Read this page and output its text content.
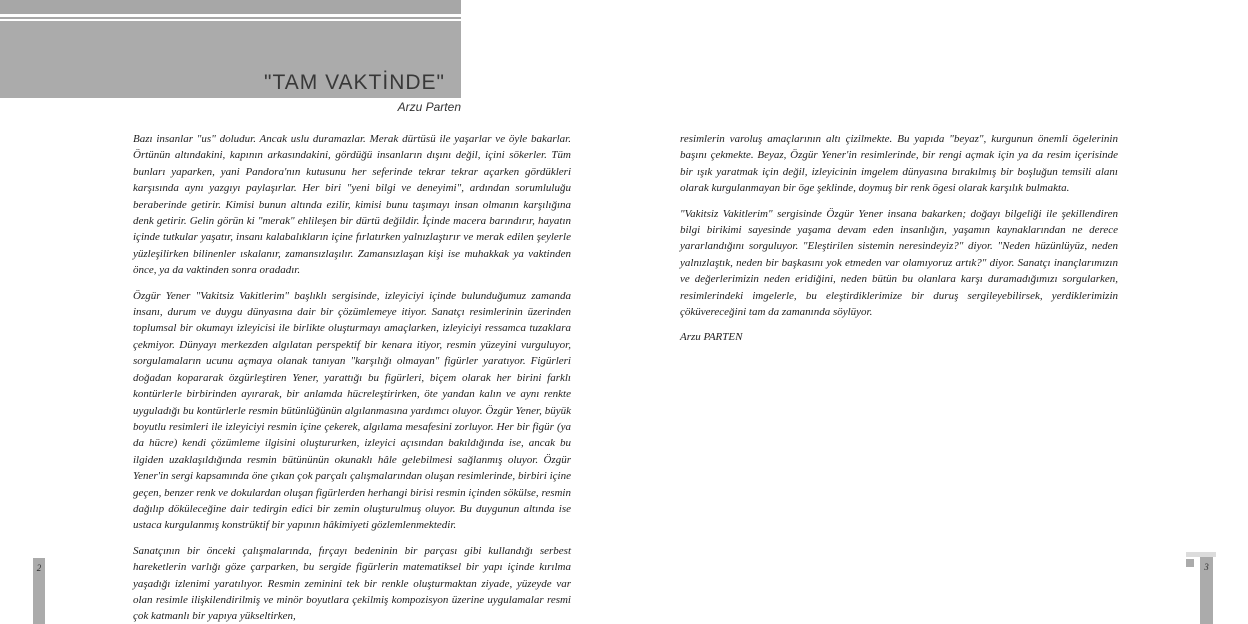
"TAM VAKTİNDE"
Arzu Parten

Bazı insanlar "us" doludur. Ancak uslu duramazlar. Merak dürtüsü ile yaşarlar ve öyle bakarlar. Örtünün altındakini, kapının arkasındakini, gördüğü insanların dışını değil, içini sökerler. Tüm bunları yaparken, yani Pandora'nın kutusunu her seferinde tekrar tekrar açarken gördükleri karşısında aynı yazgıyı paylaşırlar. Her biri "yeni bilgi ve deneyimi", ardından sorumluluğu beraberinde getirir. Kimisi bunun altında ezilir, kimisi bunu taşımayı insan olmanın karşılığına denk getirir. Gelin görün ki "merak" ehlileşen bir dürtü değildir. İçinde macera barındırır, hayatın içinde tutkular yaşatır, insanı kalabalıkların içine fırlatırken yalnızlaştırır ve merak edilen şeylerle yüzleşilirken bilinenler ıskalanır, zamansızlaşılır. Zamansızlaşan kişi ise muhakkak ya vaktinden önce, ya da vaktinden sonra oradadır.

Özgür Yener "Vakitsiz Vakitlerim" başlıklı sergisinde, izleyiciyi içinde bulunduğumuz zamanda insanı, durum ve duygu dünyasına dair bir çözümlemeye itiyor. Sanatçı resimlerinin üzerinden toplumsal bir okumayı izleyicisi ile birlikte oluşturmayı amaçlarken, izleyiciyi ressamca tuzaklara çekmiyor. Dünyayı merkezden algılatan perspektif bir kenara itiyor, resmin yüzeyini vurguluyor, sorgulamaların ucunu açmaya olanak tanıyan "karşılığı olmayan" figürler yaratıyor. Figürleri doğadan kopararak özgürleştiren Yener, yarattığı bu figürleri, biçem olarak her birini farklı kontürlerle birbirinden ayırarak, bir anlamda hücreleştirirken, öte yandan kalın ve aynı renkte uyguladığı bu kontürlerle resmin bütünlüğünün algılanmasına yardımcı oluyor. Özgür Yener, büyük boyutlu resimleri ile izleyiciyi resmin içine çekerek, algılama mesafesini zorluyor. Her bir figür (ya da hücre) kendi çözümleme ilgisini oluştururken, izleyici açısından bakıldığında ise, ancak bu ilgiden uzaklaşıldığında resmin bütününün okunaklı hâle gelebilmesi sağlanmış oluyor. Özgür Yener'in sergi kapsamında öne çıkan çok parçalı çalışmalarından oluşan resimlerinde, birbiri içine geçen, benzer renk ve dokulardan oluşan figürlerden herhangi birisi resmin içinden sökülse, resmin dağılıp döküleceğine dair tedirgin edici bir zemin oluşturulmuş oluyor. Bu duygunun altında ise ustaca kurgulanmış konstrüktif bir yapının hâkimiyeti gözlemlenmektedir.

Sanatçının bir önceki çalışmalarında, fırçayı bedeninin bir parçası gibi kullandığı serbest hareketlerin varlığı göze çarparken, bu sergide figürlerin matematiksel bir yapı içinde kırılma yaşadığı izlenimi yaratılıyor. Resmin zeminini tek bir renkle oluşturmaktan ziyade, yüzeyde var olan resimle ilişkilendirilmiş ve minör boyutlara çekilmiş kompozisyon üzerine uygulamalar resmi çok katmanlı bir yapıya yükseltirken,

resimlerin varoluş amaçlarının altı çizilmekte. Bu yapıda "beyaz", kurgunun önemli ögelerinin başını çekmekte. Beyaz, Özgür Yener'in resimlerinde, bir rengi açmak için ya da resim içerisinde bir ışık yaratmak için değil, izleyicinin imgelem dünyasına bırakılmış bir boşluğun temsili alanı olarak kurgulanmayan bir öge şeklinde, doymuş bir renk ögesi olarak karşılık bulmakta.

"Vakitsiz Vakitlerim" sergisinde Özgür Yener insana bakarken; doğayı bilgeliği ile şekillendiren bilgi birikimi sayesinde yaşama devam eden insanlığın, yaşamın kaynaklarından ne derece yararlandığını sorguluyor. "Eleştirilen sistemin neresindeyiz?" diyor. "Neden hüzünlüyüz, neden yalnızlaştık, neden bir başkasını yok etmeden var olamıyoruz artık?" diyor. Sanatçı inançlarımızın ve değerlerimizin neden eridiğini, neden bütün bu olanlara karşı duramadığımızı sorgularken, resimlerindeki imgelerle, bu eleştirdiklerimize bir duruş sergileyebilirsek, yerdiklerimizin çöküvereceğini tam da zamanında söylüyor.

Arzu PARTEN

2	3
